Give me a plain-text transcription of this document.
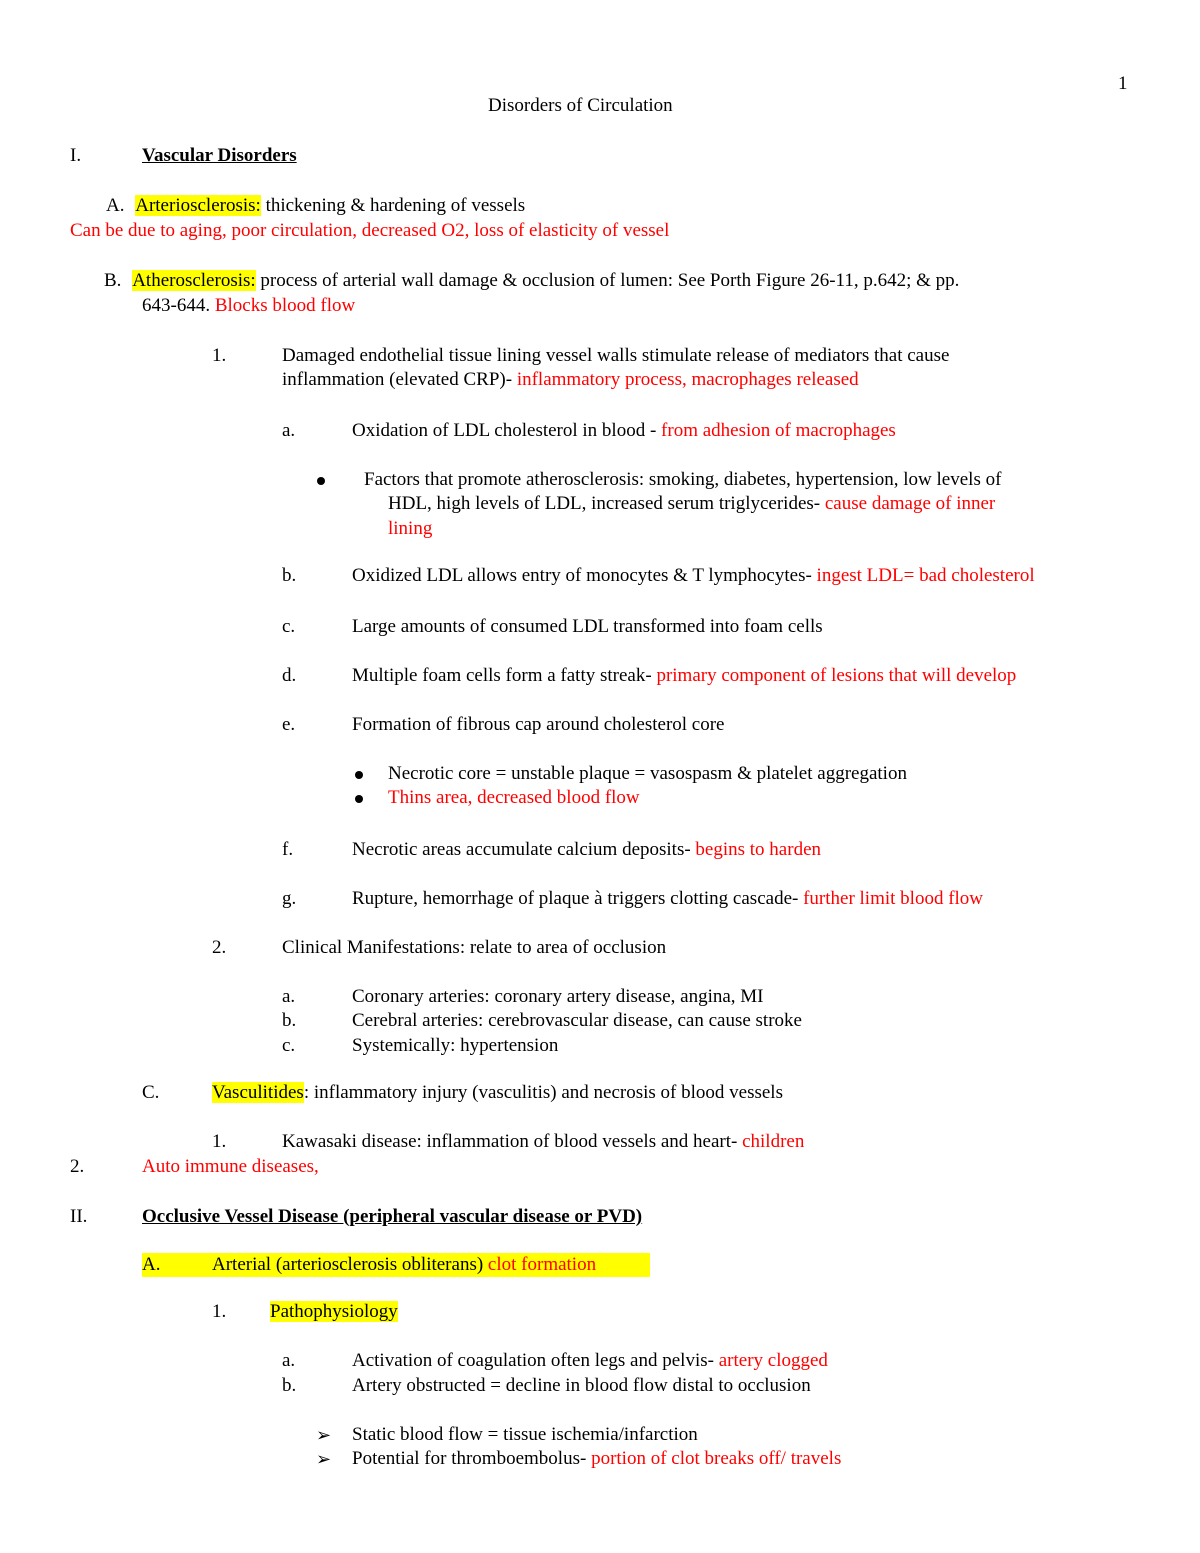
1
Disorders of Circulation
I.	Vascular Disorders
A. Arteriosclerosis: thickening & hardening of vessels
Can be due to aging, poor circulation, decreased O2, loss of elasticity of vessel
B. Atherosclerosis: process of arterial wall damage & occlusion of lumen: See Porth Figure 26-11, p.642; & pp.
643-644. Blocks blood flow
1.	Damaged endothelial tissue lining vessel walls stimulate release of mediators that cause
inflammation (elevated CRP)- inflammatory process, macrophages released
a.	Oxidation of LDL cholesterol in blood - from adhesion of macrophages
Factors that promote atherosclerosis: smoking, diabetes, hypertension, low levels of
HDL, high levels of LDL, increased serum triglycerides- cause damage of inner
lining
b.	Oxidized LDL allows entry of monocytes & T lymphocytes- ingest LDL= bad cholesterol
c.	Large amounts of consumed LDL transformed into foam cells
d.	Multiple foam cells form a fatty streak- primary component of lesions that will develop
e.	Formation of fibrous cap around cholesterol core
Necrotic core = unstable plaque = vasospasm & platelet aggregation
Thins area, decreased blood flow
f.	Necrotic areas accumulate calcium deposits- begins to harden
g.	Rupture, hemorrhage of plaque à triggers clotting cascade- further limit blood flow
2.	Clinical Manifestations: relate to area of occlusion
a.	Coronary arteries: coronary artery disease, angina, MI
b.	Cerebral arteries: cerebrovascular disease, can cause stroke
c.	Systemically: hypertension
C.	Vasculitides: inflammatory injury (vasculitis) and necrosis of blood vessels
1.	Kawasaki disease: inflammation of blood vessels and heart- children
2.	Auto immune diseases,
II.	Occlusive Vessel Disease (peripheral vascular disease or PVD)
A.	Arterial (arteriosclerosis obliterans) clot formation
1. Pathophysiology
a.	Activation of coagulation often legs and pelvis- artery clogged
b.	Artery obstructed = decline in blood flow distal to occlusion
➢ Static blood flow = tissue ischemia/infarction
➢ Potential for thromboembolus- portion of clot breaks off/ travels
